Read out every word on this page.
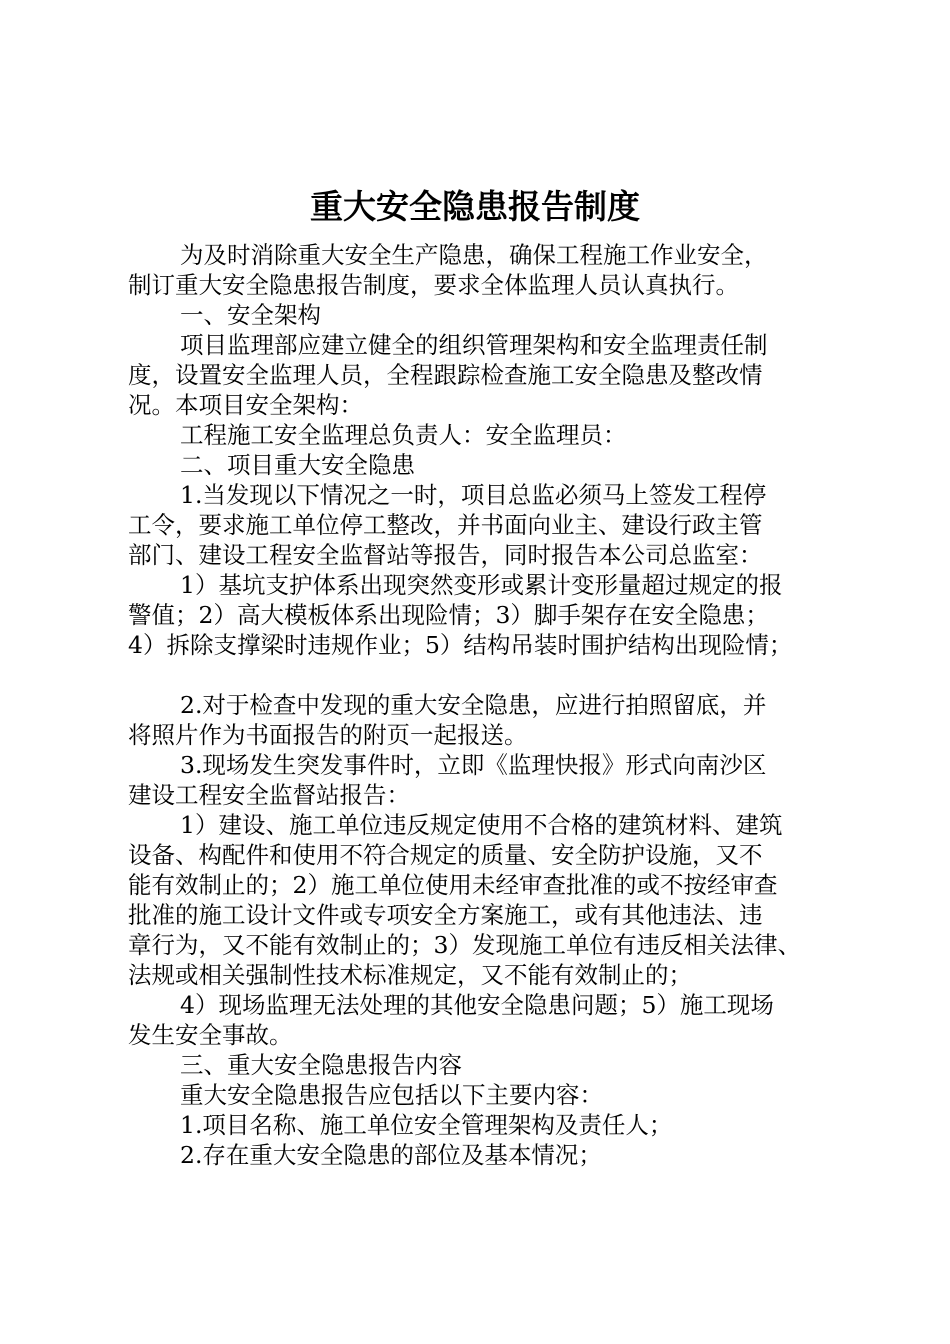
重大安全隐患报告制度
为及时消除重大安全生产隐患，确保工程施工作业安全，
制订重大安全隐患报告制度，要求全体监理人员认真执行。
一、安全架构
项目监理部应建立健全的组织管理架构和安全监理责任制
度，设置安全监理人员，全程跟踪检查施工安全隐患及整改情
况。本项目安全架构：
工程施工安全监理总负责人：安全监理员：
二、项目重大安全隐患
1.当发现以下情况之一时，项目总监必须马上签发工程停
工令，要求施工单位停工整改，并书面向业主、建设行政主管
部门、建设工程安全监督站等报告，同时报告本公司总监室：
1）基坑支护体系出现突然变形或累计变形量超过规定的报
警值；2）高大模板体系出现险情；3）脚手架存在安全隐患；
4）拆除支撑梁时违规作业；5）结构吊装时围护结构出现险情；
2.对于检查中发现的重大安全隐患，应进行拍照留底，并
将照片作为书面报告的附页一起报送。
3.现场发生突发事件时，立即《监理快报》形式向南沙区
建设工程安全监督站报告：
1）建设、施工单位违反规定使用不合格的建筑材料、建筑
设备、构配件和使用不符合规定的质量、安全防护设施，又不
能有效制止的；2）施工单位使用未经审查批准的或不按经审查
批准的施工设计文件或专项安全方案施工，或有其他违法、违
章行为，又不能有效制止的；3）发现施工单位有违反相关法律、
法规或相关强制性技术标准规定，又不能有效制止的；
4）现场监理无法处理的其他安全隐患问题；5）施工现场
发生安全事故。
三、重大安全隐患报告内容
重大安全隐患报告应包括以下主要内容：
1.项目名称、施工单位安全管理架构及责任人；
2.存在重大安全隐患的部位及基本情况；
